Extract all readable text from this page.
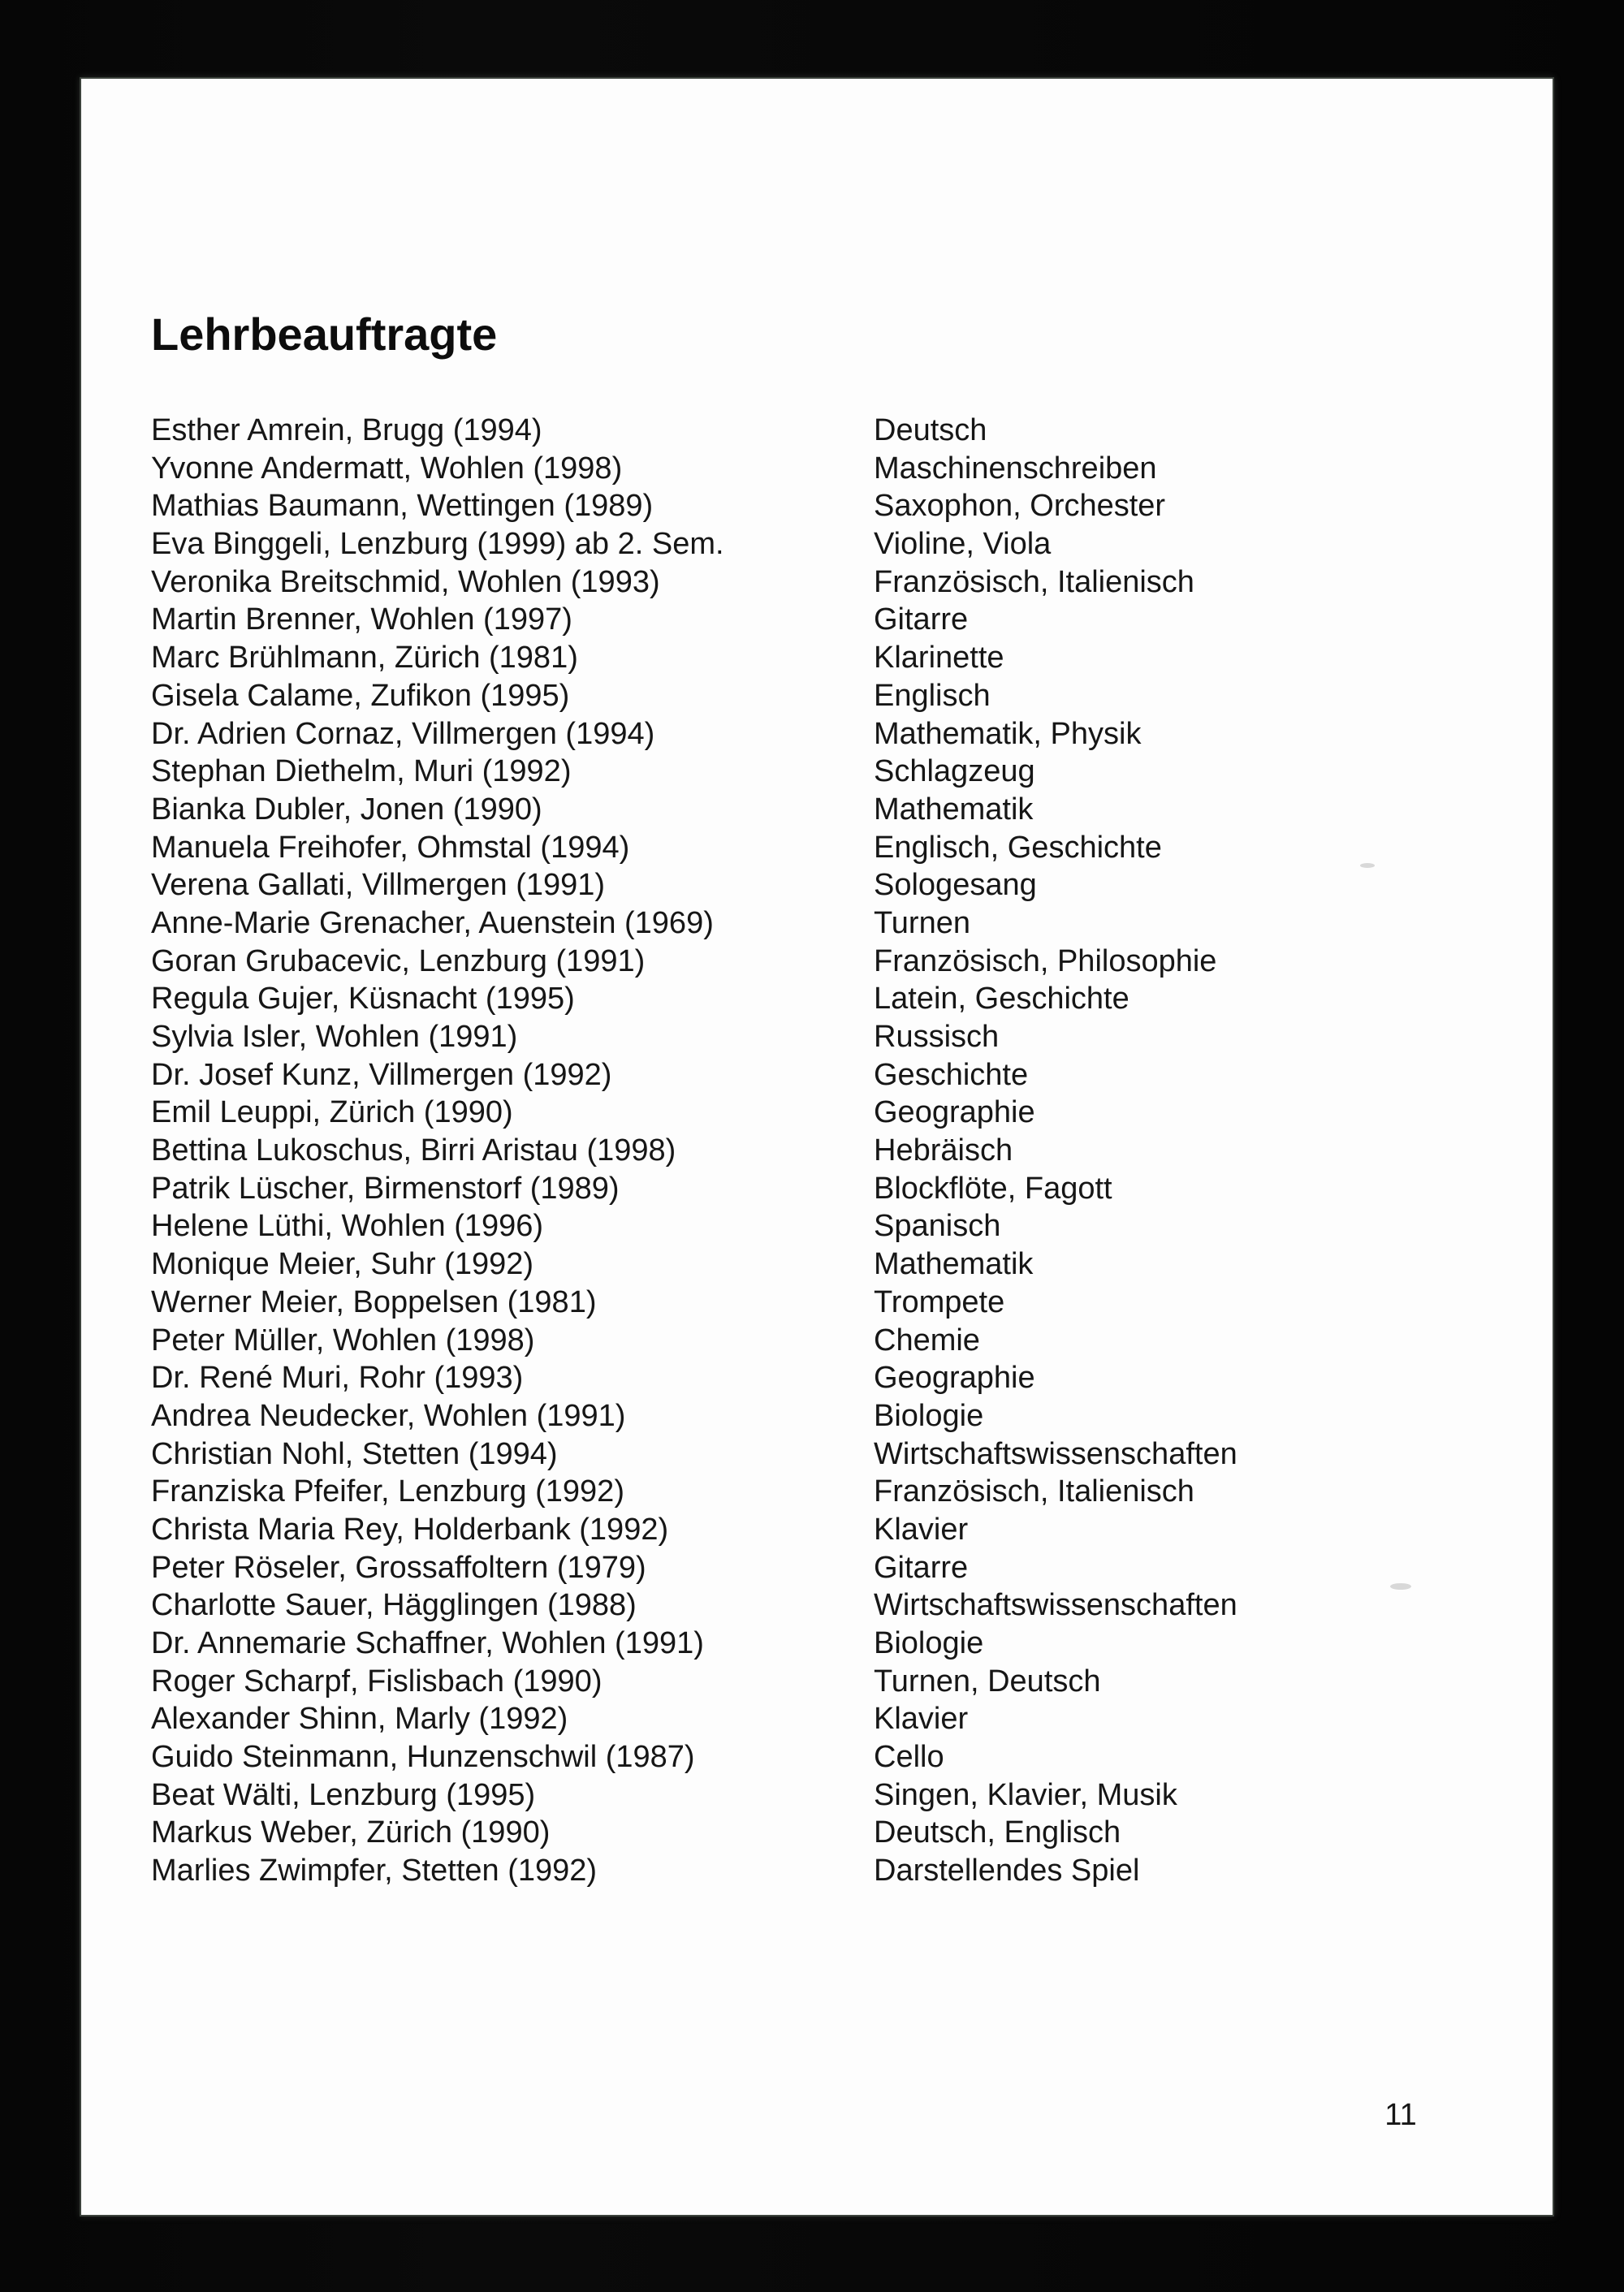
Lehrbeauftragte
Esther Amrein, Brugg (1994)	Deutsch
Yvonne Andermatt, Wohlen (1998)	Maschinenschreiben
Mathias Baumann, Wettingen (1989)	Saxophon, Orchester
Eva Binggeli, Lenzburg (1999) ab 2. Sem.	Violine, Viola
Veronika Breitschmid, Wohlen (1993)	Französisch, Italienisch
Martin Brenner, Wohlen (1997)	Gitarre
Marc Brühlmann, Zürich (1981)	Klarinette
Gisela Calame, Zufikon (1995)	Englisch
Dr. Adrien Cornaz, Villmergen (1994)	Mathematik, Physik
Stephan Diethelm, Muri (1992)	Schlagzeug
Bianka Dubler, Jonen (1990)	Mathematik
Manuela Freihofer, Ohmstal (1994)	Englisch, Geschichte
Verena Gallati, Villmergen (1991)	Sologesang
Anne-Marie Grenacher, Auenstein (1969)	Turnen
Goran Grubacevic, Lenzburg (1991)	Französisch, Philosophie
Regula Gujer, Küsnacht (1995)	Latein, Geschichte
Sylvia Isler, Wohlen (1991)	Russisch
Dr. Josef Kunz, Villmergen (1992)	Geschichte
Emil Leuppi, Zürich (1990)	Geographie
Bettina Lukoschus, Birri Aristau (1998)	Hebräisch
Patrik Lüscher, Birmenstorf (1989)	Blockflöte, Fagott
Helene Lüthi, Wohlen (1996)	Spanisch
Monique Meier, Suhr (1992)	Mathematik
Werner Meier, Boppelsen (1981)	Trompete
Peter Müller, Wohlen (1998)	Chemie
Dr. René Muri, Rohr (1993)	Geographie
Andrea Neudecker, Wohlen (1991)	Biologie
Christian Nohl, Stetten (1994)	Wirtschaftswissenschaften
Franziska Pfeifer, Lenzburg (1992)	Französisch, Italienisch
Christa Maria Rey, Holderbank (1992)	Klavier
Peter Röseler, Grossaffoltern (1979)	Gitarre
Charlotte Sauer, Hägglingen (1988)	Wirtschaftswissenschaften
Dr. Annemarie Schaffner, Wohlen (1991)	Biologie
Roger Scharpf, Fislisbach (1990)	Turnen, Deutsch
Alexander Shinn, Marly (1992)	Klavier
Guido Steinmann, Hunzenschwil (1987)	Cello
Beat Wälti, Lenzburg (1995)	Singen, Klavier, Musik
Markus Weber, Zürich (1990)	Deutsch, Englisch
Marlies Zwimpfer, Stetten (1992)	Darstellendes Spiel
11
